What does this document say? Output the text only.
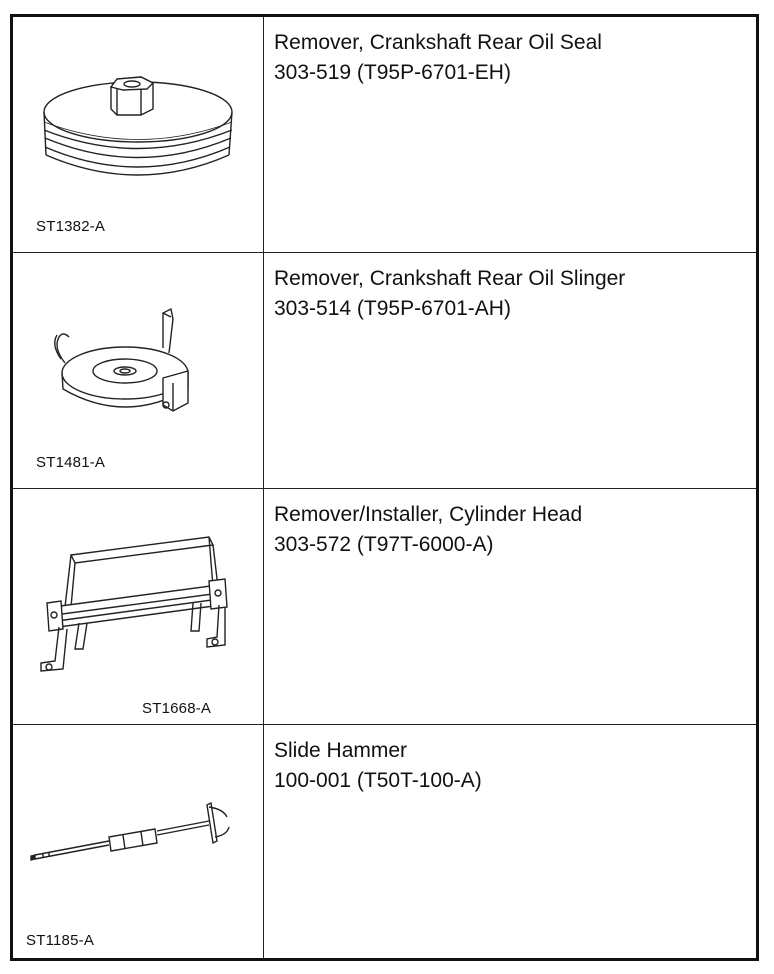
ST1382-A
Remover, Crankshaft Rear Oil Seal
303-519 (T95P-6701-EH)
ST1481-A
Remover, Crankshaft Rear Oil Slinger
303-514 (T95P-6701-AH)
ST1668-A
Remover/Installer, Cylinder Head
303-572 (T97T-6000-A)
ST1185-A
Slide Hammer
100-001 (T50T-100-A)
